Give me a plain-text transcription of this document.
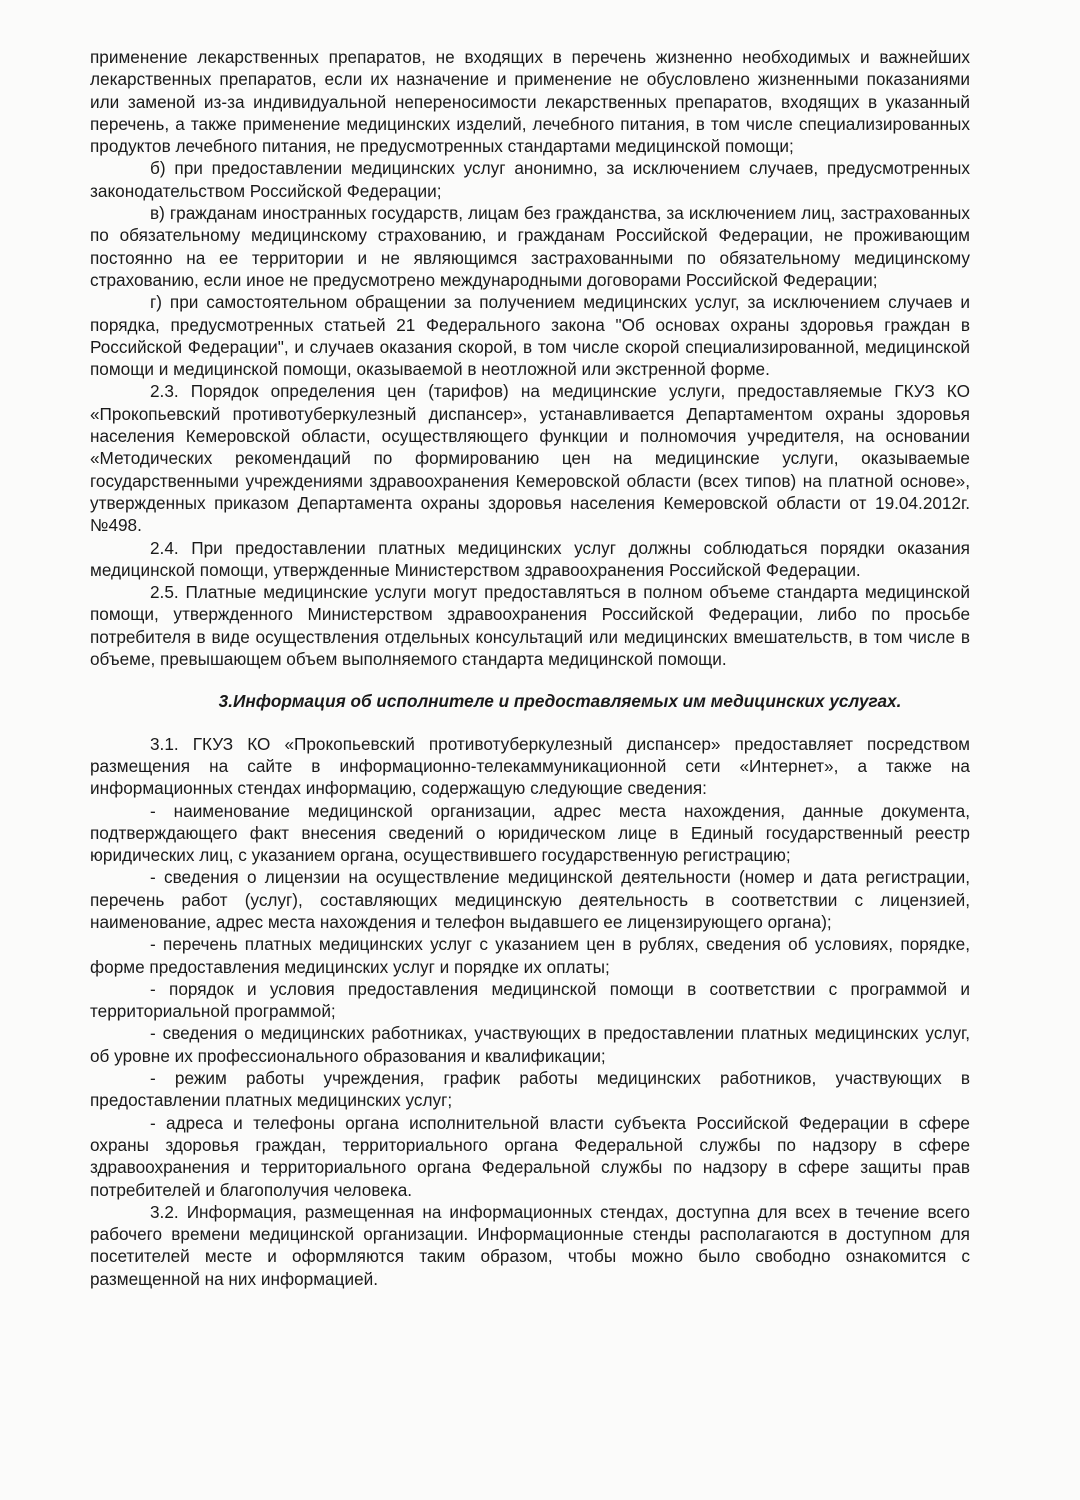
применение лекарственных препаратов, не входящих в перечень жизненно необходимых и важнейших лекарственных препаратов, если их назначение и применение не обусловлено жизненными показаниями или заменой из-за индивидуальной непереносимости лекарственных препаратов, входящих в указанный перечень, а также применение медицинских изделий, лечебного питания, в том числе специализированных продуктов лечебного питания, не предусмотренных стандартами медицинской помощи;

б) при предоставлении медицинских услуг анонимно, за исключением случаев, предусмотренных законодательством Российской Федерации;

в) гражданам иностранных государств, лицам без гражданства, за исключением лиц, застрахованных по обязательному медицинскому страхованию, и гражданам Российской Федерации, не проживающим постоянно на ее территории и не являющимся застрахованными по обязательному медицинскому страхованию, если иное не предусмотрено международными договорами Российской Федерации;

г) при самостоятельном обращении за получением медицинских услуг, за исключением случаев и порядка, предусмотренных статьей 21 Федерального закона "Об основах охраны здоровья граждан в Российской Федерации", и случаев оказания скорой, в том числе скорой специализированной, медицинской помощи и медицинской помощи, оказываемой в неотложной или экстренной форме.

2.3. Порядок определения цен (тарифов) на медицинские услуги, предоставляемые ГКУЗ КО «Прокопьевский противотуберкулезный диспансер», устанавливается Департаментом охраны здоровья населения Кемеровской области, осуществляющего функции и полномочия учредителя, на основании «Методических рекомендаций по формированию цен на медицинские услуги, оказываемые государственными учреждениями здравоохранения Кемеровской области (всех типов) на платной основе», утвержденных приказом Департамента охраны здоровья населения Кемеровской области от 19.04.2012г. №498.

2.4. При предоставлении платных медицинских услуг должны соблюдаться порядки оказания медицинской помощи, утвержденные Министерством здравоохранения Российской Федерации.

2.5. Платные медицинские услуги могут предоставляться в полном объеме стандарта медицинской помощи, утвержденного Министерством здравоохранения Российской Федерации, либо по просьбе потребителя в виде осуществления отдельных консультаций или медицинских вмешательств, в том числе в объеме, превышающем объем выполняемого стандарта медицинской помощи.

3.Информация об исполнителе и предоставляемых им медицинских услугах.

3.1. ГКУЗ КО «Прокопьевский противотуберкулезный диспансер» предоставляет посредством размещения на сайте в информационно-телекаммуникационной сети «Интернет», а также на информационных стендах информацию, содержащую следующие сведения:

- наименование медицинской организации, адрес места нахождения, данные документа, подтверждающего факт внесения сведений о юридическом лице в Единый государственный реестр юридических лиц, с указанием органа, осуществившего государственную регистрацию;

- сведения о лицензии на осуществление медицинской деятельности (номер и дата регистрации, перечень работ (услуг), составляющих медицинскую деятельность в соответствии с лицензией, наименование, адрес места нахождения и телефон выдавшего ее лицензирующего органа);

- перечень платных медицинских услуг с указанием цен в рублях, сведения об условиях, порядке, форме предоставления медицинских услуг и порядке их оплаты;

- порядок и условия предоставления медицинской помощи в соответствии с программой и территориальной программой;

- сведения о медицинских работниках, участвующих в предоставлении платных медицинских услуг, об уровне их профессионального образования и квалификации;

- режим работы учреждения, график работы медицинских работников, участвующих в предоставлении платных медицинских услуг;

- адреса и телефоны органа исполнительной власти субъекта Российской Федерации в сфере охраны здоровья граждан, территориального органа Федеральной службы по надзору в сфере здравоохранения и территориального органа Федеральной службы по надзору в сфере защиты прав потребителей и благополучия человека.

3.2. Информация, размещенная на информационных стендах, доступна для всех в течение всего рабочего времени медицинской организации. Информационные стенды располагаются в доступном для посетителей месте и оформляются таким образом, чтобы можно было свободно ознакомится с размещенной на них информацией.
